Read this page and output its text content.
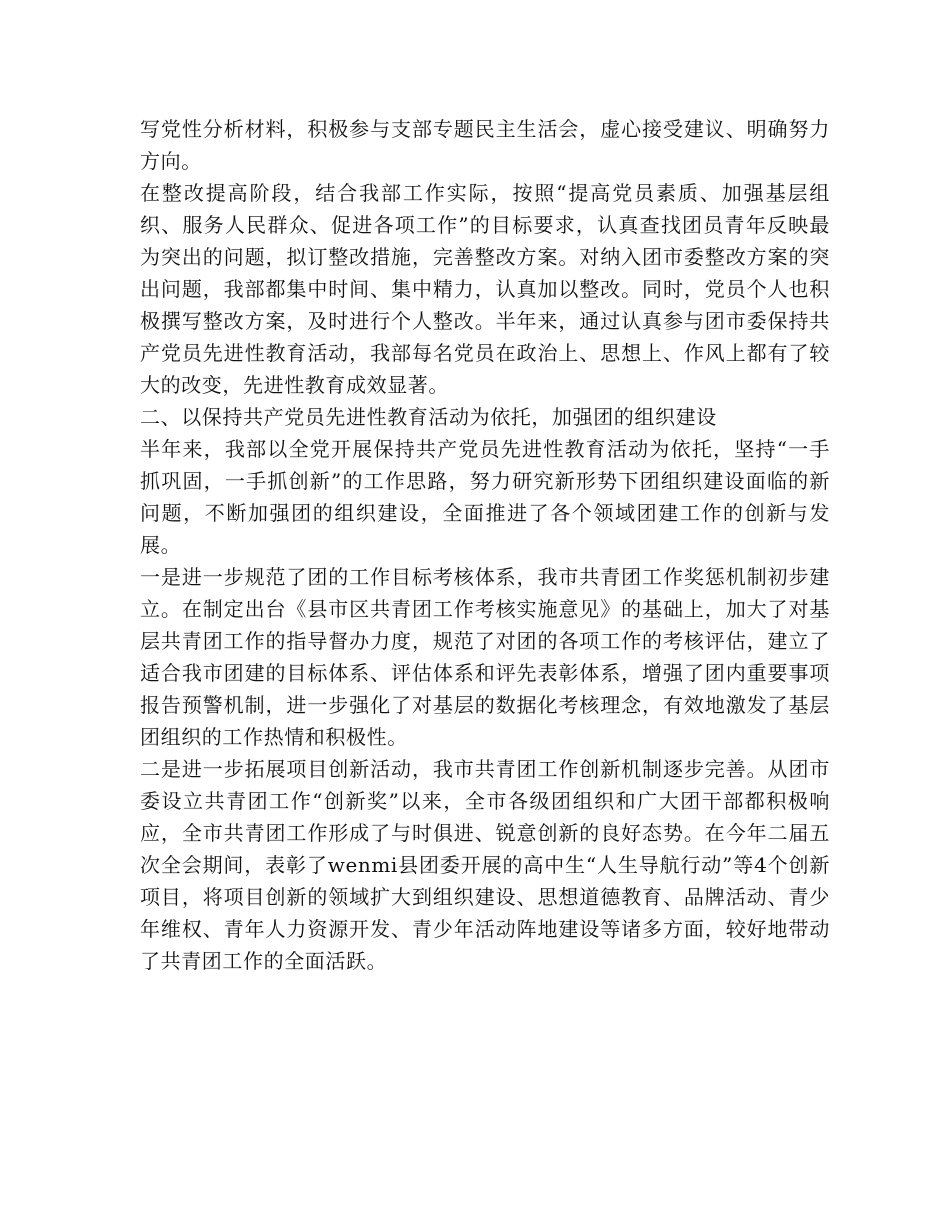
写党性分析材料，积极参与支部专题民主生活会，虚心接受建议、明确努力方向。

在整改提高阶段，结合我部工作实际，按照“提高党员素质、加强基层组织、服务人民群众、促进各项工作”的目标要求，认真查找团员青年反映最为突出的问题，拟订整改措施，完善整改方案。对纳入团市委整改方案的突出问题，我部都集中时间、集中精力，认真加以整改。同时，党员个人也积极撰写整改方案，及时进行个人整改。半年来，通过认真参与团市委保持共产党员先进性教育活动，我部每名党员在政治上、思想上、作风上都有了较大的改变，先进性教育成效显著。

二、以保持共产党员先进性教育活动为依托，加强团的组织建设

半年来，我部以全党开展保持共产党员先进性教育活动为依托，坚持“一手抓巩固，一手抓创新”的工作思路，努力研究新形势下团组织建设面临的新问题，不断加强团的组织建设，全面推进了各个领域团建工作的创新与发展。

一是进一步规范了团的工作目标考核体系，我市共青团工作奖惩机制初步建立。在制定出台《县市区共青团工作考核实施意见》的基础上，加大了对基层共青团工作的指导督办力度，规范了对团的各项工作的考核评估，建立了适合我市团建的目标体系、评估体系和评先表彰体系，增强了团内重要事项报告预警机制，进一步强化了对基层的数据化考核理念，有效地激发了基层团组织的工作热情和积极性。

二是进一步拓展项目创新活动，我市共青团工作创新机制逐步完善。从团市委设立共青团工作“创新奖”以来，全市各级团组织和广大团干部都积极响应，全市共青团工作形成了与时俱进、锐意创新的良好态势。在今年二届五次全会期间，表彰了wenmi县团委开展的高中生“人生导航行动”等4个创新项目，将项目创新的领域扩大到组织建设、思想道德教育、品牌活动、青少年维权、青年人力资源开发、青少年活动阵地建设等诸多方面，较好地带动了共青团工作的全面活跃。
